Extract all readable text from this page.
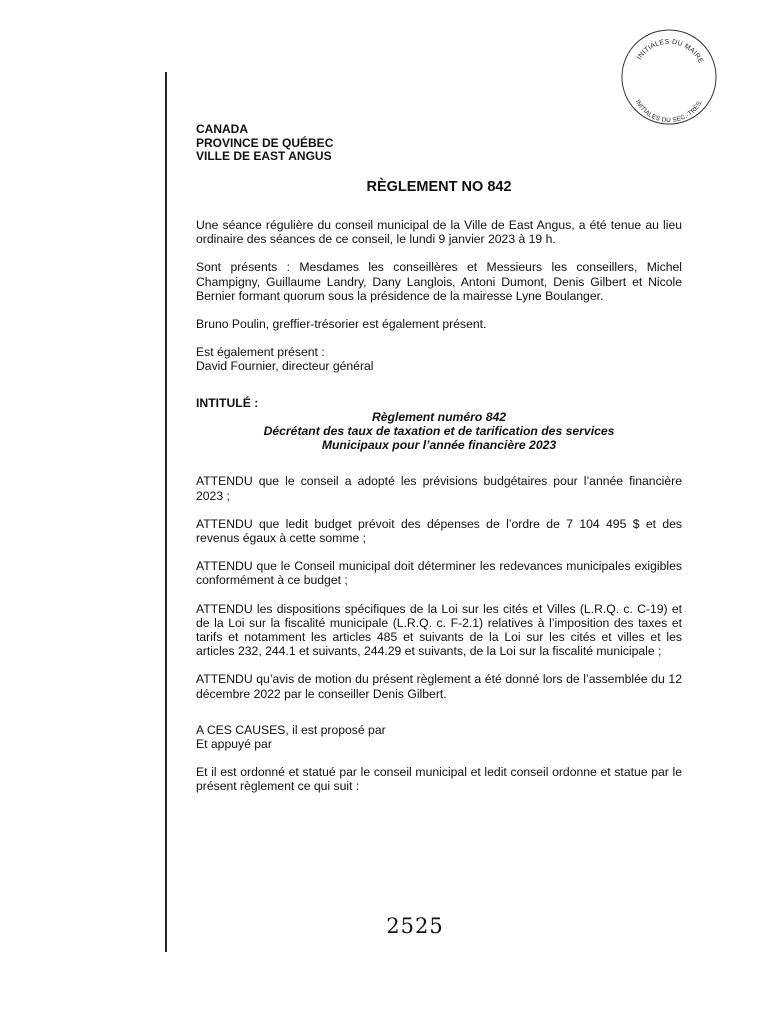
INITIALES DU MAIRE
INITIALES DU SEC.-TRÉS.
CANADA
PROVINCE DE QUÉBEC
VILLE DE EAST ANGUS
RÈGLEMENT NO 842

Une séance régulière du conseil municipal de la Ville de East Angus, a été tenue au lieu ordinaire des séances de ce conseil, le lundi 9 janvier 2023 à 19 h.

Sont présents : Mesdames les conseillères et Messieurs les conseillers, Michel Champigny, Guillaume Landry, Dany Langlois, Antoni Dumont, Denis Gilbert et Nicole Bernier formant quorum sous la présidence de la mairesse Lyne Boulanger.

Bruno Poulin, greffier-trésorier est également présent.

Est également présent :
David Fournier, directeur général

INTITULÉ :
Règlement numéro 842
Décrétant des taux de taxation et de tarification des services
Municipaux pour l’année financière 2023

ATTENDU que le conseil a adopté les prévisions budgétaires pour l’année financière 2023 ;

ATTENDU que ledit budget prévoit des dépenses de l’ordre de 7 104 495 $ et des revenus égaux à cette somme ;

ATTENDU que le Conseil municipal doit déterminer les redevances municipales exigibles conformément à ce budget ;

ATTENDU les dispositions spécifiques de la Loi sur les cités et Villes (L.R.Q. c. C-19) et de la Loi sur la fiscalité municipale (L.R.Q. c. F-2.1) relatives à l’imposition des taxes et tarifs et notamment les articles 485 et suivants de la Loi sur les cités et villes et les articles 232, 244.1 et suivants, 244.29 et suivants, de la Loi sur la fiscalité municipale ;

ATTENDU qu’avis de motion du présent règlement a été donné lors de l’assemblée du 12 décembre 2022 par le conseiller Denis Gilbert.

A CES CAUSES, il est proposé par
Et appuyé par

Et il est ordonné et statué par le conseil municipal et ledit conseil ordonne et statue par le présent règlement ce qui suit :

2525
